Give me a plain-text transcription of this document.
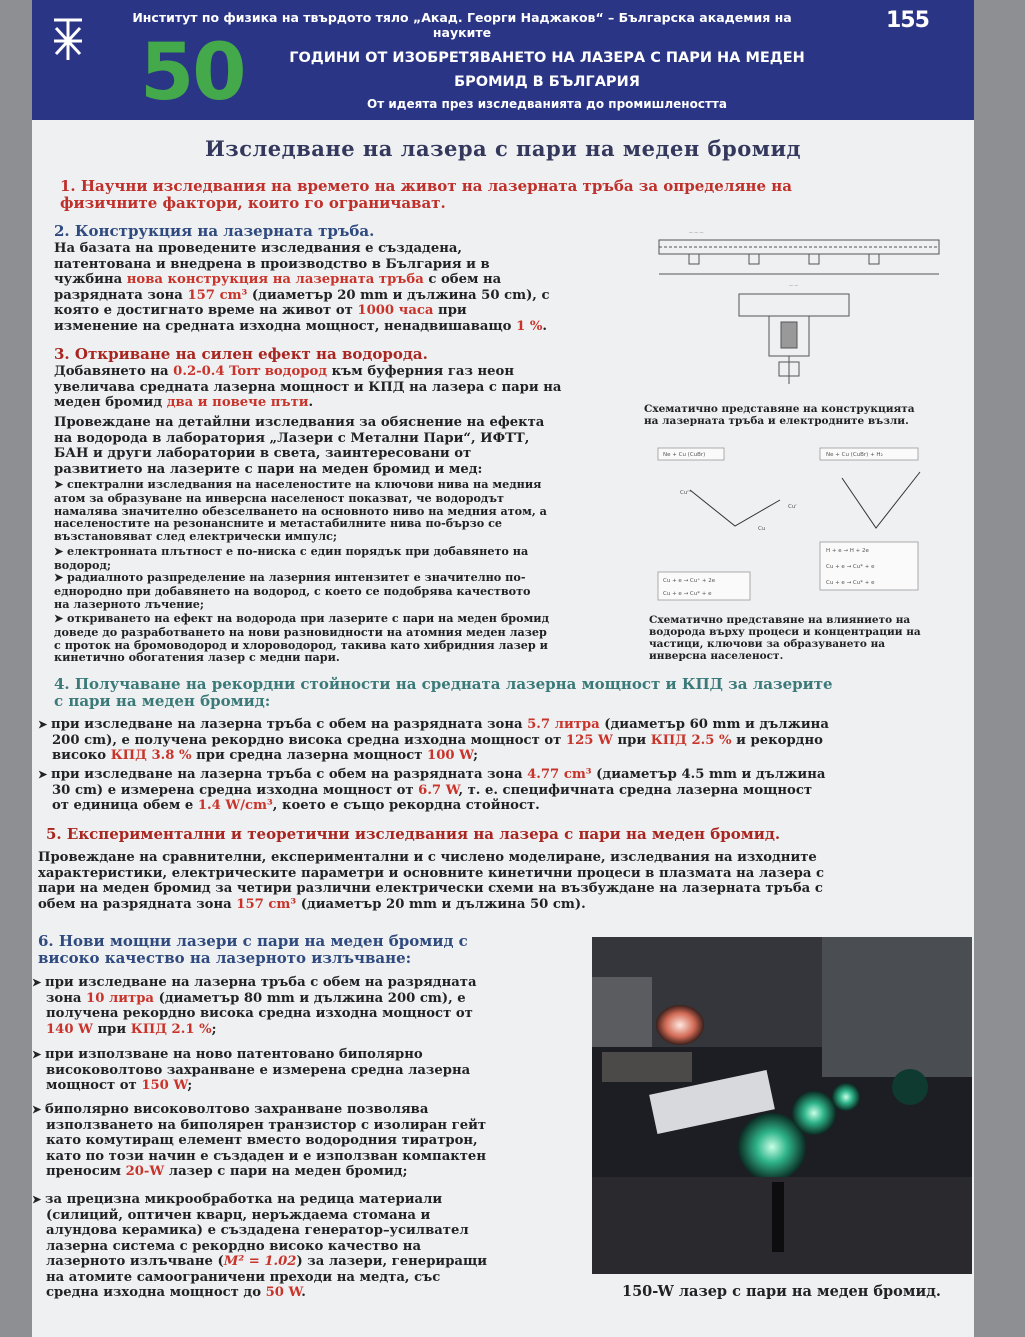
Институт по физика на твърдото тяло „Акад. Георги Наджаков“ – Българска академия на науките
50	ГОДИНИ ОТ ИЗОБРЕТЯВАНЕТО НА ЛАЗЕРА С ПАРИ НА МЕДЕН
БРОМИД В БЪЛГАРИЯ
От идеята през изследванията до промишлеността
155
Изследване на лазера с пари на меден бромид
1. Научни изследвания на времето на живот на лазерната тръба за определяне на
физичните фактори, които го ограничават.
2. Конструкция на лазерната тръба.
На базата на проведените изследвания е създадена,
патентована и внедрена в производство в България и в
чужбина нова конструкция на лазерната тръба с обем на
разрядната зона 157 cm³ (диаметър 20 mm и дължина 50 cm), с
която е достигнато време на живот от 1000 часа при
изменение на средната изходна мощност, ненадвишаващо 1 %.
— — —
— —
Схематично представяне на конструкцията
на лазерната тръба и електродните възли.
3. Откриване на силен ефект на водорода.
Добавянето на 0.2-0.4 Torr водород към буферния газ неон
увеличава средната лазерна мощност и КПД на лазера с пари на
меден бромид два и повече пъти.
Провеждане на детайлни изследвания за обяснение на ефекта
на водорода в лаборатория „Лазери с Метални Пари“, ИФТТ,
БАН и други лаборатории в света, заинтересовани от
развитието на лазерите с пари на меден бромид и мед:
➤ спектрални изследвания на населеностите на ключови нива на медния
атом за образуване на инверсна населеност показват, че водородът
намалява значително обезселването на основното ниво на медния атом, а
населеностите на резонансните и метастабилните нива по-бързо се
възстановяват след електрически импулс;
➤ електронната плътност е по-ниска с един порядък при добавянето на
водород;
➤ радиалното разпределение на лазерния интензитет е значително по-
еднородно при добавянето на водород, с което се подобрява качеството
на лазерното лъчение;
➤ откриването на ефект на водорода при лазерите с пари на меден бромид
доведе до разработването на нови разновидности на атомния меден лазер
с проток на бромоводород и хлороводород, такива като хибридния лазер и
кинетично обогатения лазер с медни пари.
Ne + Cu (CuBr)	Ne + Cu (CuBr) + H₂
Cu + e → Cu⁺ + 2e
Cu + e → Cu* + e
H + e → H + 2e
Cu + e → Cu* + e
Cu + e → Cu* + e
Cuᵐ
Cuʳ
Cu
Схематично представяне на влиянието на
водорода върху процеси и концентрации на
частици, ключови за образуването на
инверсна населеност.
4. Получаване на рекордни стойности на средната лазерна мощност и КПД за лазерите
с пари на меден бромид:
➤ при изследване на лазерна тръба с обем на разрядната зона 5.7 литра (диаметър 60 mm и дължина
200 cm), е получена рекордно висока средна изходна мощност от 125 W при КПД 2.5 % и рекордно
високо КПД 3.8 % при средна лазерна мощност 100 W;
➤ при изследване на лазерна тръба с обем на разрядната зона 4.77 cm³ (диаметър 4.5 mm и дължина
30 cm) е измерена средна изходна мощност от 6.7 W, т. е. специфичната средна лазерна мощност
от единица обем е 1.4 W/cm³, което е също рекордна стойност.
5. Експериментални и теоретични изследвания на лазера с пари на меден бромид.
Провеждане на сравнителни, експериментални и с числено моделиране, изследвания на изходните
характеристики, електрическите параметри и основните кинетични процеси в плазмата на лазера с
пари на меден бромид за четири различни електрически схеми на възбуждане на лазерната тръба с
обем на разрядната зона 157 cm³ (диаметър 20 mm и дължина 50 cm).
6. Нови мощни лазери с пари на меден бромид с
високо качество на лазерното излъчване:
➤ при изследване на лазерна тръба с обем на разрядната
зона 10 литра (диаметър 80 mm и дължина 200 cm), е
получена рекордно висока средна изходна мощност от
140 W при КПД 2.1 %;
➤ при използване на ново патентовано биполярно
високоволтово захранване е измерена средна лазерна
мощност от 150 W;
➤ биполярно високоволтово захранване позволява
използването на биполярен транзистор с изолиран гейт
като комутиращ елемент вместо водородния тиратрон,
като по този начин е създаден и е използван компактен
преносим 20-W лазер с пари на меден бромид;
➤ за прецизна микрообработка на редица материали
(силиций, оптичен кварц, неръждаема стомана и
алундова керамика) е създадена генератор–усилвател
лазерна система с рекордно високо качество на
лазерното излъчване (M² = 1.02) за лазери, генериращи
на атомите самоограничени преходи на медта, със
средна изходна мощност до 50 W.	150-W лазер с пари на меден бромид.
